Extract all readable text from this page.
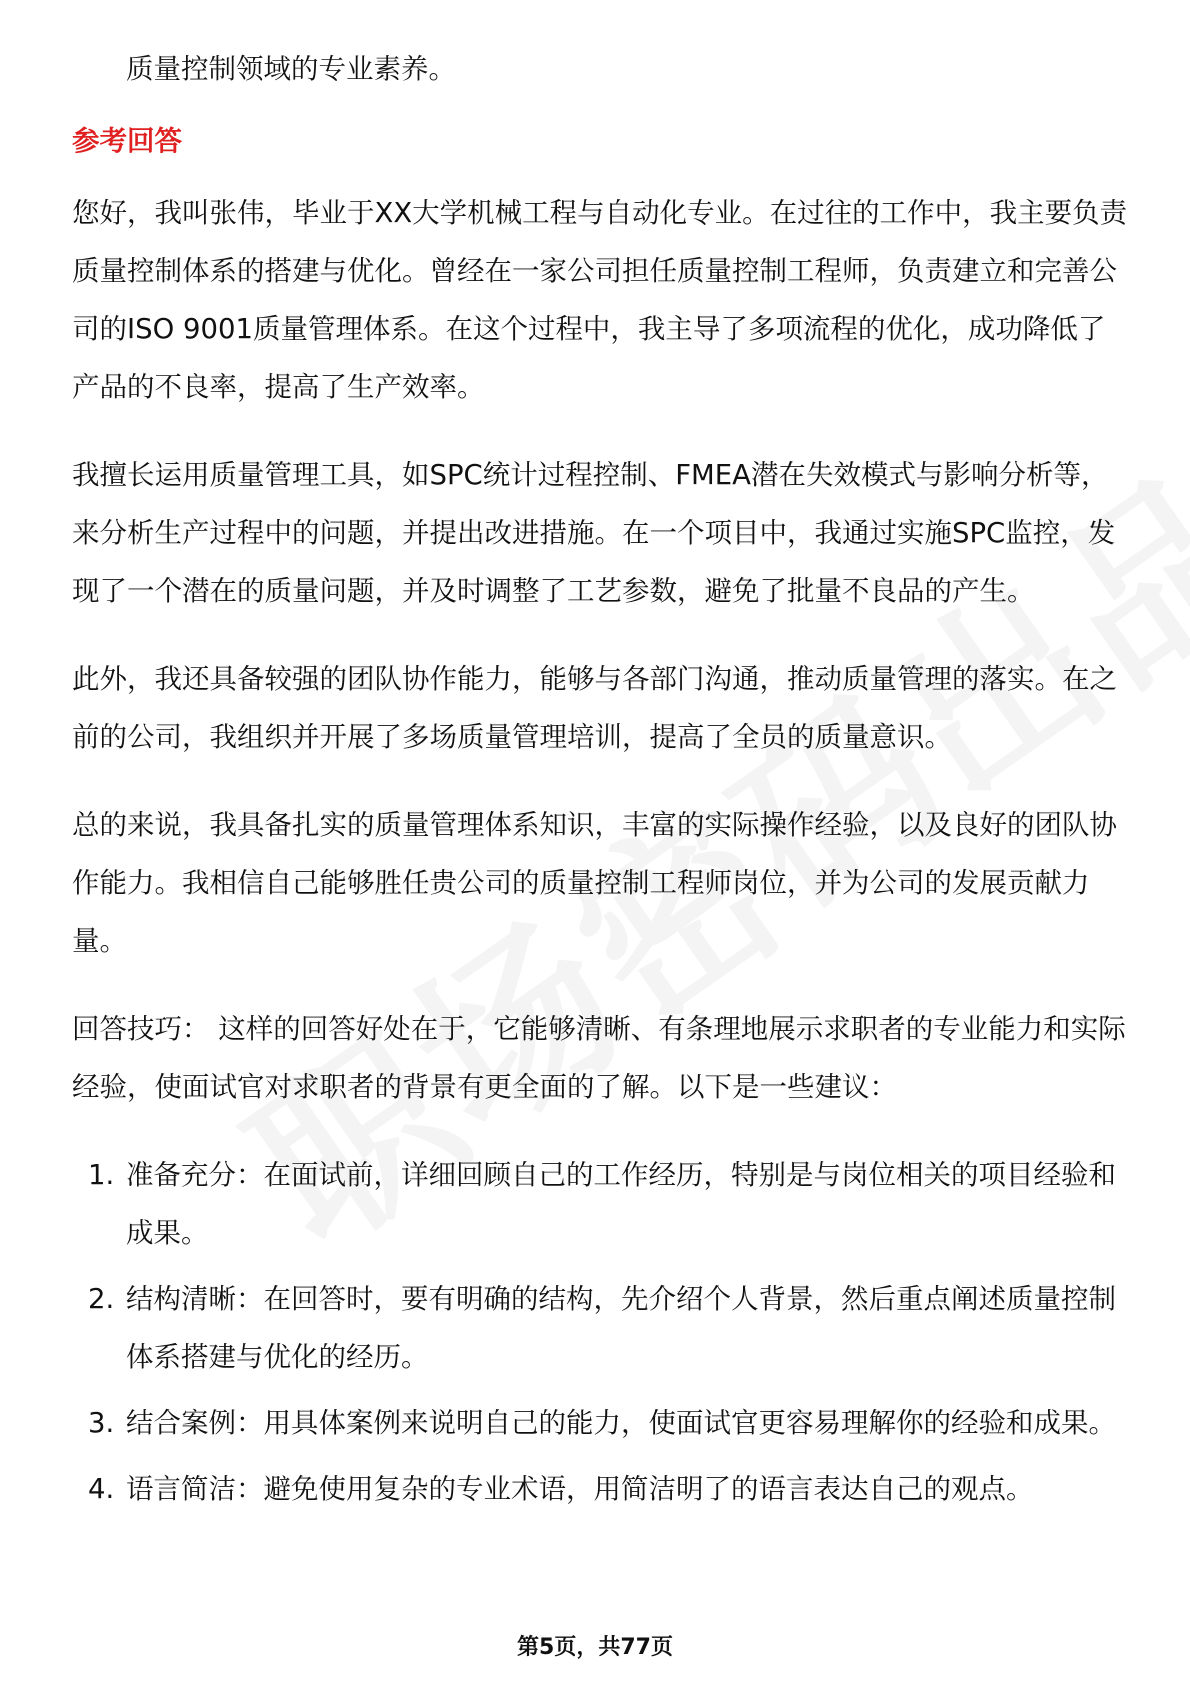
质量控制领域的专业素养。

参考回答

您好，我叫张伟，毕业于XX大学机械工程与自动化专业。在过往的工作中，我主要负责质量控制体系的搭建与优化。曾经在一家公司担任质量控制工程师，负责建立和完善公司的ISO 9001质量管理体系。在这个过程中，我主导了多项流程的优化，成功降低了产品的不良率，提高了生产效率。

我擅长运用质量管理工具，如SPC统计过程控制、FMEA潜在失效模式与影响分析等，来分析生产过程中的问题，并提出改进措施。在一个项目中，我通过实施SPC监控，发现了一个潜在的质量问题，并及时调整了工艺参数，避免了批量不良品的产生。

此外，我还具备较强的团队协作能力，能够与各部门沟通，推动质量管理的落实。在之前的公司，我组织并开展了多场质量管理培训，提高了全员的质量意识。

总的来说，我具备扎实的质量管理体系知识，丰富的实际操作经验，以及良好的团队协作能力。我相信自己能够胜任贵公司的质量控制工程师岗位，并为公司的发展贡献力量。

回答技巧： 这样的回答好处在于，它能够清晰、有条理地展示求职者的专业能力和实际经验，使面试官对求职者的背景有更全面的了解。以下是一些建议：

1. 准备充分：在面试前，详细回顾自己的工作经历，特别是与岗位相关的项目经验和成果。
2. 结构清晰：在回答时，要有明确的结构，先介绍个人背景，然后重点阐述质量控制体系搭建与优化的经历。
3. 结合案例：用具体案例来说明自己的能力，使面试官更容易理解你的经验和成果。
4. 语言简洁：避免使用复杂的专业术语，用简洁明了的语言表达自己的观点。
第5页，共77页
